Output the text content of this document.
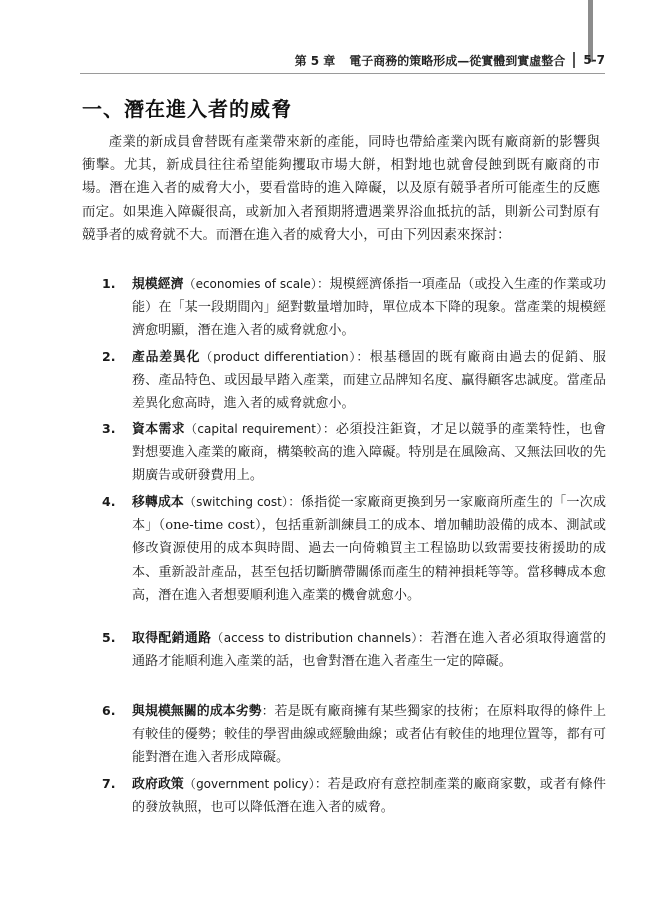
第 5 章 電子商務的策略形成—從實體到實虛整合 5-7
一、潛在進入者的威脅

產業的新成員會替既有產業帶來新的產能，同時也帶給產業內既有廠商新的影響與衝擊。尤其，新成員往往希望能夠攫取市場大餅，相對地也就會侵蝕到既有廠商的市場。潛在進入者的威脅大小，要看當時的進入障礙，以及原有競爭者所可能產生的反應而定。如果進入障礙很高，或新加入者預期將遭遇業界浴血抵抗的話，則新公司對原有競爭者的威脅就不大。而潛在進入者的威脅大小，可由下列因素來探討：

1.	規模經濟（economies of scale）：規模經濟係指一項產品（或投入生產的作業或功能）在「某一段期間內」絕對數量增加時，單位成本下降的現象。當產業的規模經濟愈明顯，潛在進入者的威脅就愈小。

2.	產品差異化（product differentiation）：根基穩固的既有廠商由過去的促銷、服務、產品特色、或因最早踏入產業，而建立品牌知名度、贏得顧客忠誠度。當產品差異化愈高時，進入者的威脅就愈小。

3.	資本需求（capital requirement）：必須投注鉅資，才足以競爭的產業特性，也會對想要進入產業的廠商，構築較高的進入障礙。特別是在風險高、又無法回收的先期廣告或研發費用上。

4.	移轉成本（switching cost）：係指從一家廠商更換到另一家廠商所產生的「一次成本」（one-time cost），包括重新訓練員工的成本、增加輔助設備的成本、測試或修改資源使用的成本與時間、過去一向倚賴買主工程協助以致需要技術援助的成本、重新設計產品，甚至包括切斷臍帶關係而產生的精神損耗等等。當移轉成本愈高，潛在進入者想要順利進入產業的機會就愈小。

5.	取得配銷通路（access to distribution channels）：若潛在進入者必須取得適當的通路才能順利進入產業的話，也會對潛在進入者產生一定的障礙。

6.	與規模無關的成本劣勢：若是既有廠商擁有某些獨家的技術；在原料取得的條件上有較佳的優勢；較佳的學習曲線或經驗曲線；或者佔有較佳的地理位置等，都有可能對潛在進入者形成障礙。

7.	政府政策（government policy）：若是政府有意控制產業的廠商家數，或者有條件的發放執照，也可以降低潛在進入者的威脅。
